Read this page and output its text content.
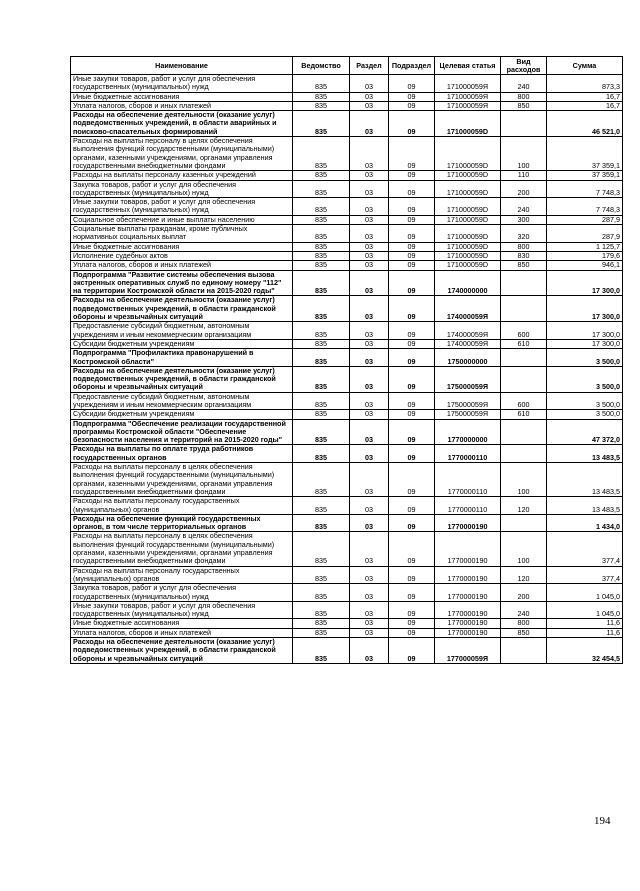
Наименование	Ведомство	Раздел	Подраздел	Целевая статья	Вид расходов	Сумма
Иные закупки товаров, работ и услуг для обеспечения государственных (муниципальных) нужд	835	03	09	171000059Я	240	873,3
Иные бюджетные ассигнования	835	03	09	171000059Я	800	16,7
Уплата налогов, сборов и иных платежей	835	03	09	171000059Я	850	16,7
Расходы на обеспечение деятельности (оказание услуг) подведомственных учреждений, в области аварийных и поисково-спасательных формирований	835	03	09	171000059D		46 521,0
Расходы на выплаты персоналу в целях обеспечения выполнения функций государственными (муниципальными) органами, казенными учреждениями, органами управления государственными внебюджетными фондами	835	03	09	171000059D	100	37 359,1
Расходы на выплаты персоналу казенных учреждений	835	03	09	171000059D	110	37 359,1
Закупка товаров, работ и услуг для обеспечения государственных (муниципальных) нужд	835	03	09	171000059D	200	7 748,3
Иные закупки товаров, работ и услуг для обеспечения государственных (муниципальных) нужд	835	03	09	171000059D	240	7 748,3
Социальное обеспечение и иные выплаты населению	835	03	09	171000059D	300	287,9
Социальные выплаты гражданам, кроме публичных нормативных социальных выплат	835	03	09	171000059D	320	287,9
Иные бюджетные ассигнования	835	03	09	171000059D	800	1 125,7
Исполнение судебных актов	835	03	09	171000059D	830	179,6
Уплата налогов, сборов и иных платежей	835	03	09	171000059D	850	946,1
Подпрограмма "Развитие системы обеспечения вызова экстренных оперативных служб по единому номеру "112" на территории Костромской области на 2015-2020 годы"	835	03	09	1740000000		17 300,0
Расходы на обеспечение деятельности (оказание услуг) подведомственных учреждений, в области гражданской обороны и чрезвычайных ситуаций	835	03	09	174000059Я		17 300,0
Предоставление субсидий бюджетным, автономным учреждениям и иным некоммерческим организациям	835	03	09	174000059Я	600	17 300,0
Субсидии бюджетным учреждениям	835	03	09	174000059Я	610	17 300,0
Подпрограмма "Профилактика правонарушений в Костромской области"	835	03	09	1750000000		3 500,0
Расходы на обеспечение деятельности (оказание услуг) подведомственных учреждений, в области гражданской обороны и чрезвычайных ситуаций	835	03	09	175000059Я		3 500,0
Предоставление субсидий бюджетным, автономным учреждениям и иным некоммерческим организациям	835	03	09	175000059Я	600	3 500,0
Субсидии бюджетным учреждениям	835	03	09	175000059Я	610	3 500,0
Подпрограмма "Обеспечение реализации государственной программы Костромской области "Обеспечение безопасности населения и территорий на 2015-2020 годы"	835	03	09	1770000000		47 372,0
Расходы на выплаты по оплате труда работников государственных органов	835	03	09	1770000110		13 483,5
Расходы на выплаты персоналу в целях обеспечения выполнения функций государственными (муниципальными) органами, казенными учреждениями, органами управления государственными внебюджетными фондами	835	03	09	1770000110	100	13 483,5
Расходы на выплаты персоналу государственных (муниципальных) органов	835	03	09	1770000110	120	13 483,5
Расходы на обеспечение функций государственных органов, в том числе территориальных органов	835	03	09	1770000190		1 434,0
Расходы на выплаты персоналу в целях обеспечения выполнения функций государственными (муниципальными) органами, казенными учреждениями, органами управления государственными внебюджетными фондами	835	03	09	1770000190	100	377,4
Расходы на выплаты персоналу государственных (муниципальных) органов	835	03	09	1770000190	120	377,4
Закупка товаров, работ и услуг для обеспечения государственных (муниципальных) нужд	835	03	09	1770000190	200	1 045,0
Иные закупки товаров, работ и услуг для обеспечения государственных (муниципальных) нужд	835	03	09	1770000190	240	1 045,0
Иные бюджетные ассигнования	835	03	09	1770000190	800	11,6
Уплата налогов, сборов и иных платежей	835	03	09	1770000190	850	11,6
Расходы на обеспечение деятельности (оказание услуг) подведомственных учреждений, в области гражданской обороны и чрезвычайных ситуаций	835	03	09	177000059Я		32 454,5
194
